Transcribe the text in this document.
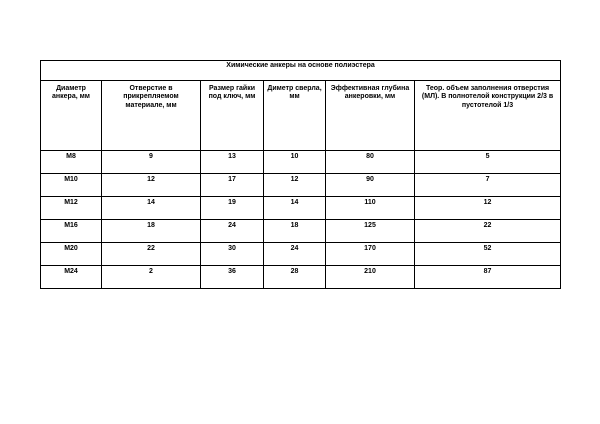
Химические анкеры на основе полиэстера					

Диаметр анкера, мм	Отверстие в прикрепляемом материале, мм	Размер гайки под ключ, мм	Диметр сверла, мм	Эффективная глубина анкеровки, мм	Теор. объем заполнения отверстия (МЛ). В полнотелой конструкции 2/3 в пустотелой 1/3

M8	9	13	10	80	5

M10	12	17	12	90	7

M12	14	19	14	110	12

M16	18	24	18	125	22

M20	22	30	24	170	52

M24	2	36	28	210	87
